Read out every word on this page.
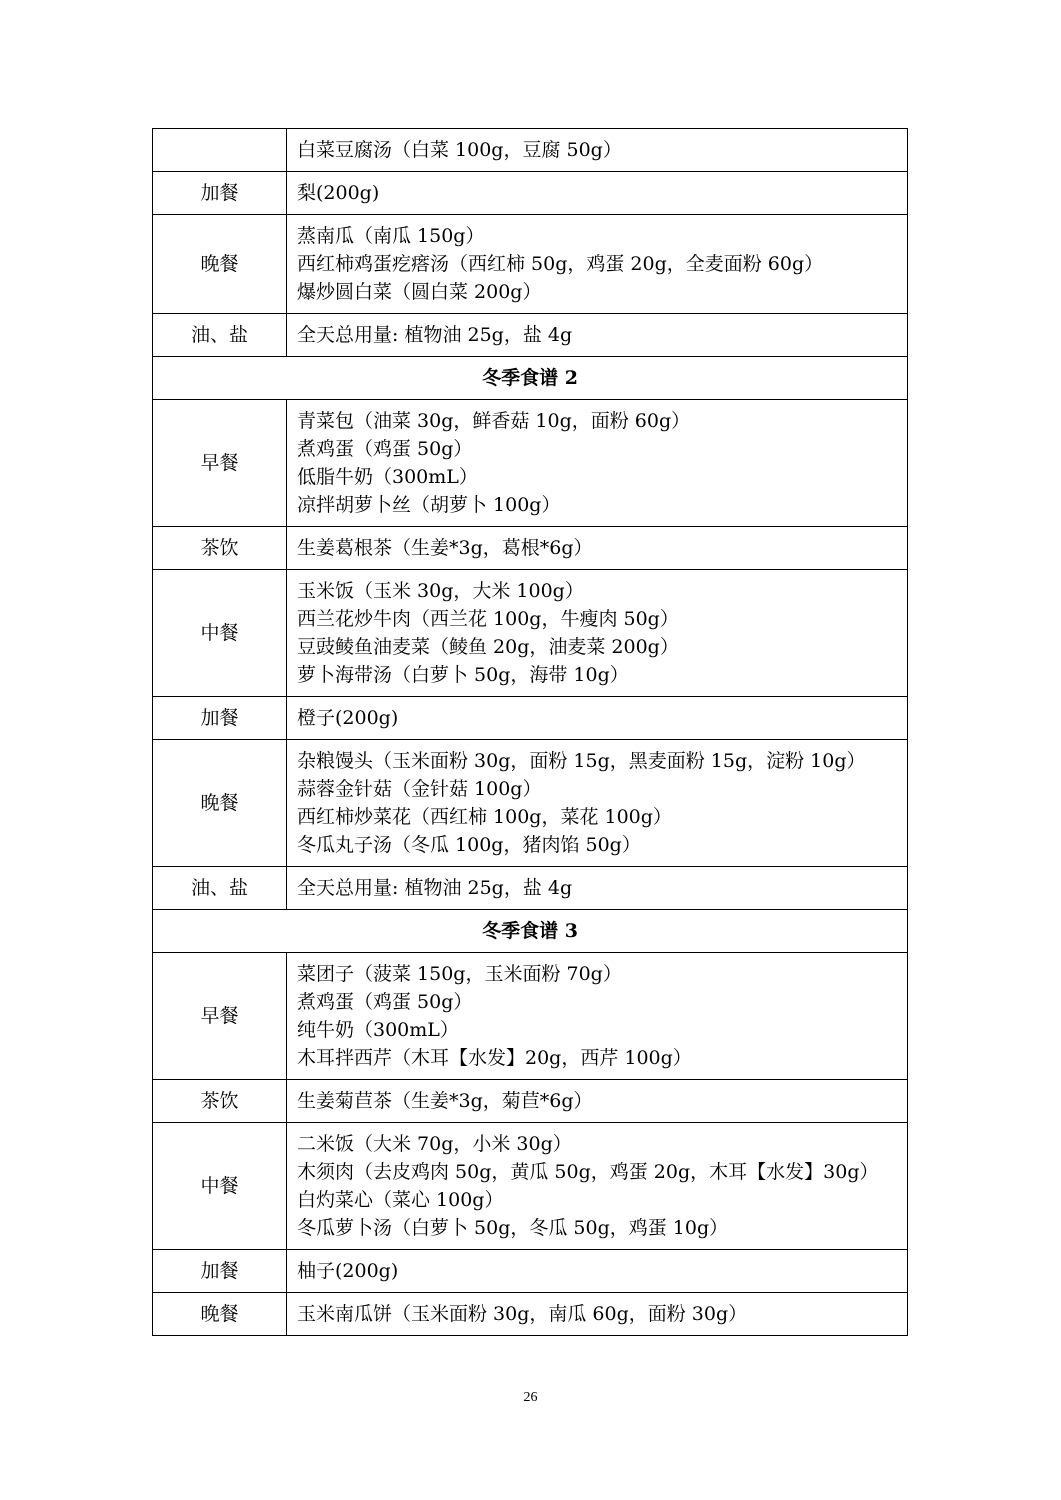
	白菜豆腐汤（白菜 100g，豆腐 50g）

加餐	梨(200g)

晚餐	蒸南瓜（南瓜 150g）
西红柿鸡蛋疙瘩汤（西红柿 50g，鸡蛋 20g，全麦面粉 60g）
爆炒圆白菜（圆白菜 200g）

油、盐	全天总用量: 植物油 25g，盐 4g

冬季食谱 2	
早餐	青菜包（油菜 30g，鲜香菇 10g，面粉 60g）
煮鸡蛋（鸡蛋 50g）
低脂牛奶（300mL）
凉拌胡萝卜丝（胡萝卜 100g）

茶饮	生姜葛根茶（生姜*3g，葛根*6g）

中餐	玉米饭（玉米 30g，大米 100g）
西兰花炒牛肉（西兰花 100g，牛瘦肉 50g）
豆豉鲮鱼油麦菜（鲮鱼 20g，油麦菜 200g）
萝卜海带汤（白萝卜 50g，海带 10g）

加餐	橙子(200g)

晚餐	杂粮馒头（玉米面粉 30g，面粉 15g，黑麦面粉 15g，淀粉 10g）
蒜蓉金针菇（金针菇 100g）
西红柿炒菜花（西红柿 100g，菜花 100g）
冬瓜丸子汤（冬瓜 100g，猪肉馅 50g）

油、盐	全天总用量: 植物油 25g，盐 4g

冬季食谱 3	
早餐	菜团子（菠菜 150g，玉米面粉 70g）
煮鸡蛋（鸡蛋 50g）
纯牛奶（300mL）
木耳拌西芹（木耳【水发】20g，西芹 100g）

茶饮	生姜菊苣茶（生姜*3g，菊苣*6g）

中餐	二米饭（大米 70g，小米 30g）
木须肉（去皮鸡肉 50g，黄瓜 50g，鸡蛋 20g，木耳【水发】30g）
白灼菜心（菜心 100g）
冬瓜萝卜汤（白萝卜 50g，冬瓜 50g，鸡蛋 10g）

加餐	柚子(200g)

晚餐	玉米南瓜饼（玉米面粉 30g，南瓜 60g，面粉 30g）
26
